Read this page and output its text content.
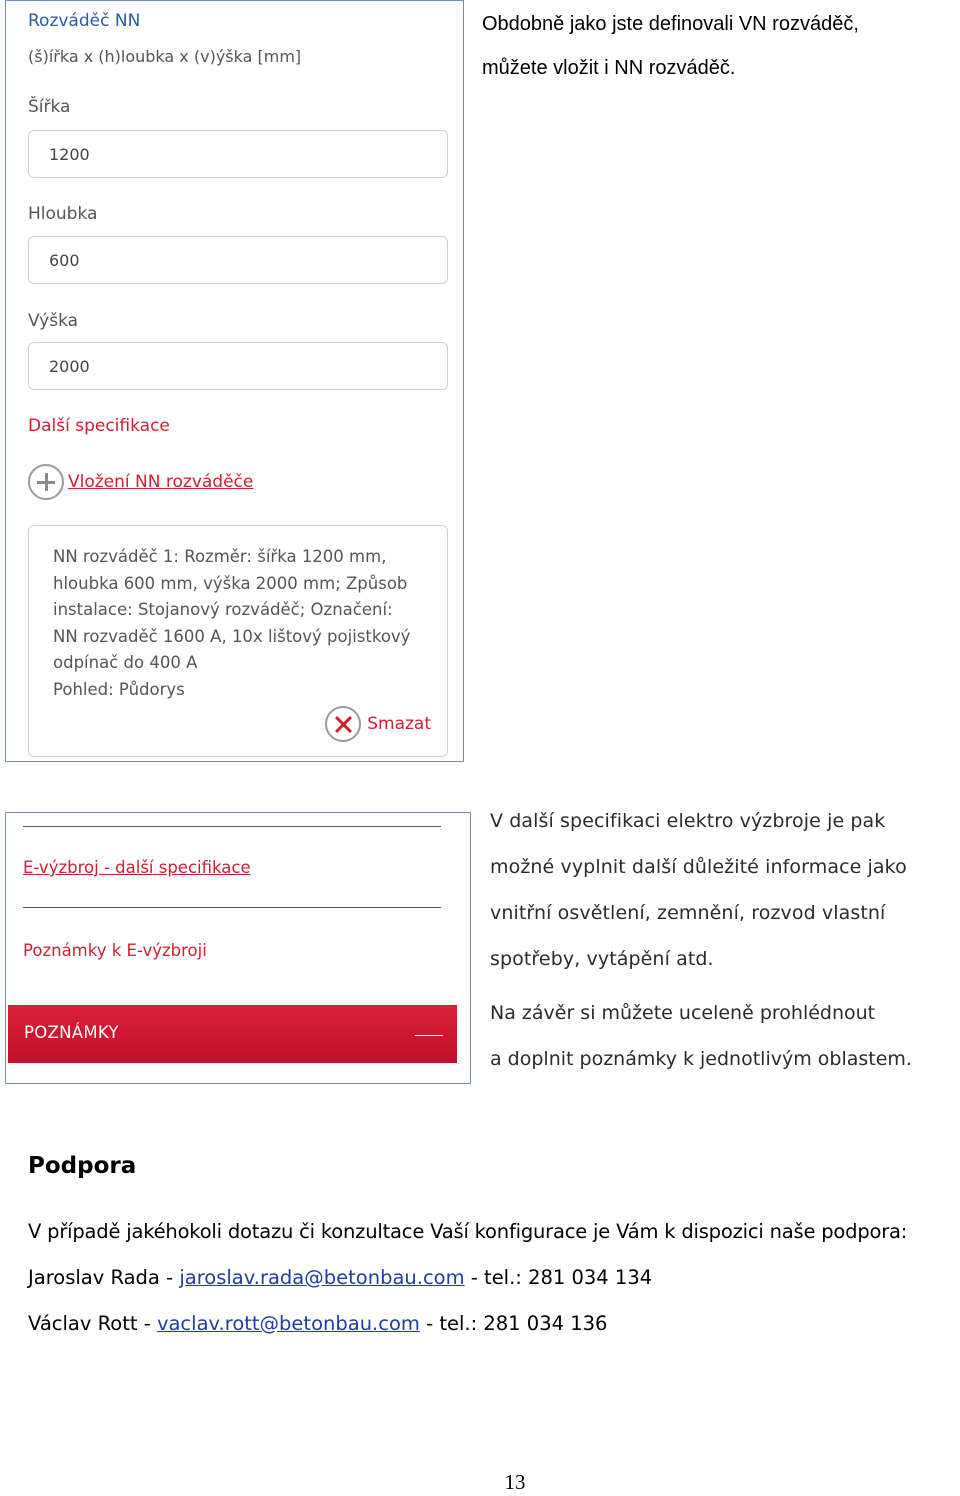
Rozváděč NN
(š)ířka x (h)loubka x (v)ýška [mm]
Šířka
1200
Hloubka
600
Výška
2000
Další specifikace
Vložení NN rozváděče
NN rozváděč 1: Rozměr: šířka 1200 mm,
hloubka 600 mm, výška 2000 mm; Způsob
instalace: Stojanový rozváděč; Označení:
NN rozvaděč 1600 A, 10x lištový pojistkový
odpínač do 400 A
Pohled: Půdorys
Smazat
Obdobně jako jste definovali VN rozváděč,
můžete vložit i NN rozváděč.
E-výzbroj - další specifikace
Poznámky k E-výzbroji
POZNÁMKY
V další specifikaci elektro výzbroje je pak
možné vyplnit další důležité informace jako
vnitřní osvětlení, zemnění, rozvod vlastní
spotřeby, vytápění atd.
Na závěr si můžete uceleně prohlédnout
a doplnit poznámky k jednotlivým oblastem.
Podpora
V případě jakéhokoli dotazu či konzultace Vaší konfigurace je Vám k dispozici naše podpora:
Jaroslav Rada - jaroslav.rada@betonbau.com - tel.: 281 034 134
Václav Rott - vaclav.rott@betonbau.com - tel.: 281 034 136
13
